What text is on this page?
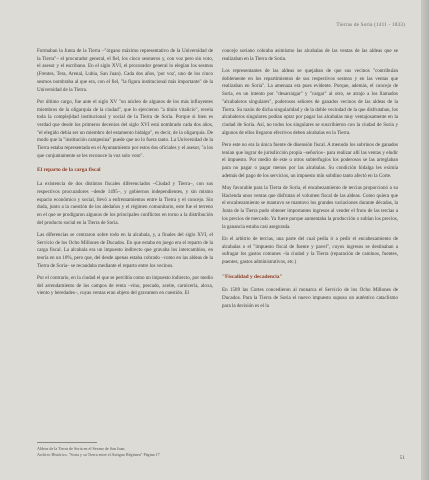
Tierras de Soria (1411 - 1833)

Formaban la Junta de la Tierra –"órgano máximo representativo de la Universidad de la Tierra"– el procurador general, el fiel, los cinco sesmeros y, con voz pero sin voto, el asesor y el escribano. En el siglo XVI, el procurador general lo elegían los sesmos (Frentes, Tera, Arenal, Lubia, San Juan). Cada dos años, 'por voz', uno de los cinco sesmos nombraba al que era, con el fiel, "la figura institucional más importante" de la Universidad de la Tierra.

Por último cargo, fue ante el siglo XV "un núcleo de algunos de los más influyentes miembros de la oligarquía de la ciudad", que lo ejercieron "a título vitalicio", revela toda la complejidad institucional y social de la Tierra de Soria. Porque si bien es verdad que desde los primeros decenios del siglo XVI está nombrado cada dos años, "el elegido debía ser un miembro del estamento hidalgo", es decir, de la oligarquía. De modo que la "institución campesina" puede que no lo fuera tanto. La Universidad de la Tierra estaba representada en el Ayuntamiento por estos dos oficiales y el asesor, "a los que conjuntamente se les reconoce la voz solo voto".

El reparto de la carga fiscal

La existencia de dos distintos fiscales diferenciados –Ciudad y Tierra–, con sus respectivos procuradores –desde 1495–, y gobiernos independientes, y sin mismo espacio económico y social, llevó a enfrentamientos entre la Tierra y el concejo. Sin duda, junto a la cuestión de los aledaños y el régimen comunitario, este fue el terreno en el que se prodigaron algunos de los principales conflictos en torno a la distribución del producto social en la Tierra de Soria.

Las diferencias se centraron sobre todo en la alcabala, y, a finales del siglo XVI, el Servicio de los Ocho Millones de Ducados. En que estaba en juego era el reparto de la carga fiscal. La alcabala era un impuesto indirecto que gravaba los intercambios, en teoría en un 10%, pero que, del desde apenas estaba cobrado –como en las aldeas de la Tierra de Soria– se recaudaba mediante el reparto entre los vecinos.

Por el contrario, en la ciudad el que se percibía como un impuesto indirecto, por medio del arrendamiento de los campos de renta –vino, pescado, aceite, carnicería, aloxa, viento y heredades–, cuyas ventas eran objeto del gravamen en cuestión. El

concejo soriano cobraba asimismo las alcabalas de las ventas de las aldeas que se realizaban en la Tierra de Soria.

Los representantes de las aldeas se quejaban de que sus vecinos "contribuían doblemente en los repartimientos de sus respectivos sesmos y en las ventas que realizaban en Soria". La amenaza era pues evidente. Porque, además, el concejo de Soria, en un intento por "desarraigar" y "cargar" al otro, se atrajo a los llamados "alcabaleros singulares", poderosos señores de ganados vecinos de las aldeas de la Tierra. Su razón de dicha singularidad y de la doble vecindad de la que disfrutaban, los alcabaleros singulares podían optar por pagar las alcabalas muy ventajosamente en la ciudad de Soria. Así, no todos los singulares se suscribieron con la ciudad de Soria y algunos de ellos llegaron efectivos deben alcabalas en la Tierra.

Pero este no era la única fuente de disensión fiscal. A menudo los sobrinos de ganados tenían que lograr de jurisdicción propia –señoríos– para realizar allí las ventas y eludir el impuesto. Por medio de este u otros subterfugios los poderosos se las arreglaban para no pagar o pagar menos por las alcabalas. Su condición hidalga les eximía además del pago de los servicios, un impuesto mín sobdino tanto afectó en la Corte.

Muy favorable para la Tierra de Soria, el encabezamiento de tercias proporcionó a su Hacienda unos ventas que disfrutan el volumen fiscal de las aldeas. Como quiera que el encabezamiento se mantuvo se mantuvo los grandes variaciones durante décadas, la Junta de la Tierra pudo obtener importantes ingresos al vender el fruto de las tercias a los precios de mercado. Ya fuere porque aumentaba la producción o subían los precios, la ganancia estaba casi asegurada.

En el arbitrio de tercias, una parte del cual pedía ir a pedir el encabezamiento de alcabalas o el "impuesto fiscal de fuente y pavel", cuyos ingresos se destinaban a sufragar los gastos comunes –la ciudad y la Tierra (reparación de caminos, fuentes, puentes, gastos administrativos, etc.)

"Fiscalidad y decadencia"

En 1589 las Cortes concedieron al monarca el Servicio de los Ocho Millones de Ducados. Para la Tierra de Soria el nuevo impuesto supuso un auténtico cataclismo para la decisión es el la

Aldeas de la Tierra de Soria en el Sexmo de San Juan.
Archivo Histórico. "Soria y su Tierra entre el Antiguo Régimen" Página 17
51
